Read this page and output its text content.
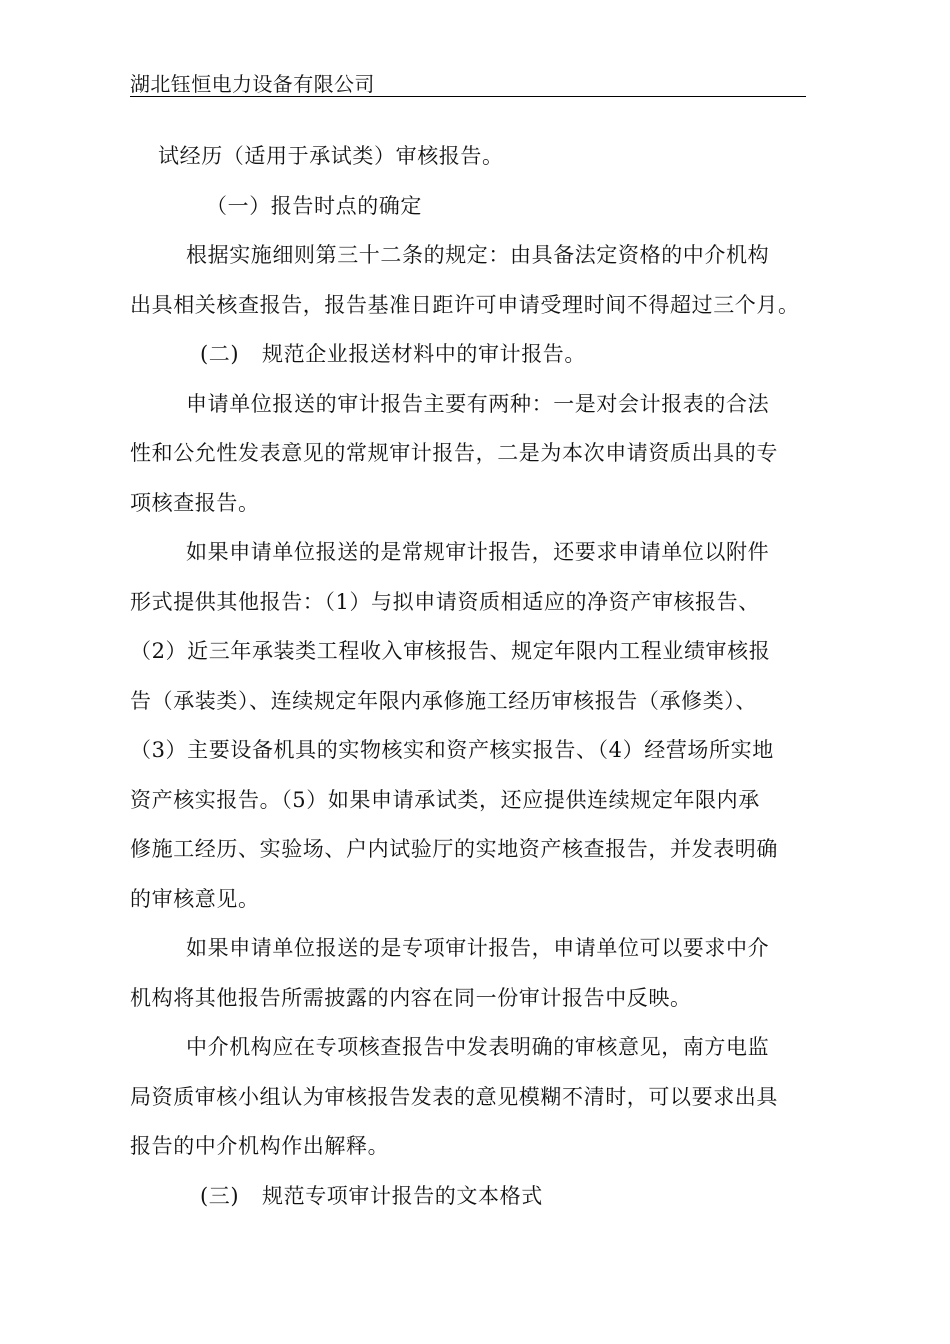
湖北钰恒电力设备有限公司
试经历（适用于承试类）审核报告。
（一）报告时点的确定
根据实施细则第三十二条的规定：由具备法定资格的中介机构
出具相关核查报告，报告基准日距许可申请受理时间不得超过三个月。
(二) 规范企业报送材料中的审计报告。
申请单位报送的审计报告主要有两种：一是对会计报表的合法
性和公允性发表意见的常规审计报告，二是为本次申请资质出具的专
项核查报告。
如果申请单位报送的是常规审计报告，还要求申请单位以附件
形式提供其他报告：（1）与拟申请资质相适应的净资产审核报告、
（2）近三年承装类工程收入审核报告、规定年限内工程业绩审核报
告（承装类）、连续规定年限内承修施工经历审核报告（承修类）、
（3）主要设备机具的实物核实和资产核实报告、（4）经营场所实地
资产核实报告。（5）如果申请承试类，还应提供连续规定年限内承
修施工经历、实验场、户内试验厅的实地资产核查报告，并发表明确
的审核意见。
如果申请单位报送的是专项审计报告，申请单位可以要求中介
机构将其他报告所需披露的内容在同一份审计报告中反映。
中介机构应在专项核查报告中发表明确的审核意见，南方电监
局资质审核小组认为审核报告发表的意见模糊不清时，可以要求出具
报告的中介机构作出解释。
(三) 规范专项审计报告的文本格式
